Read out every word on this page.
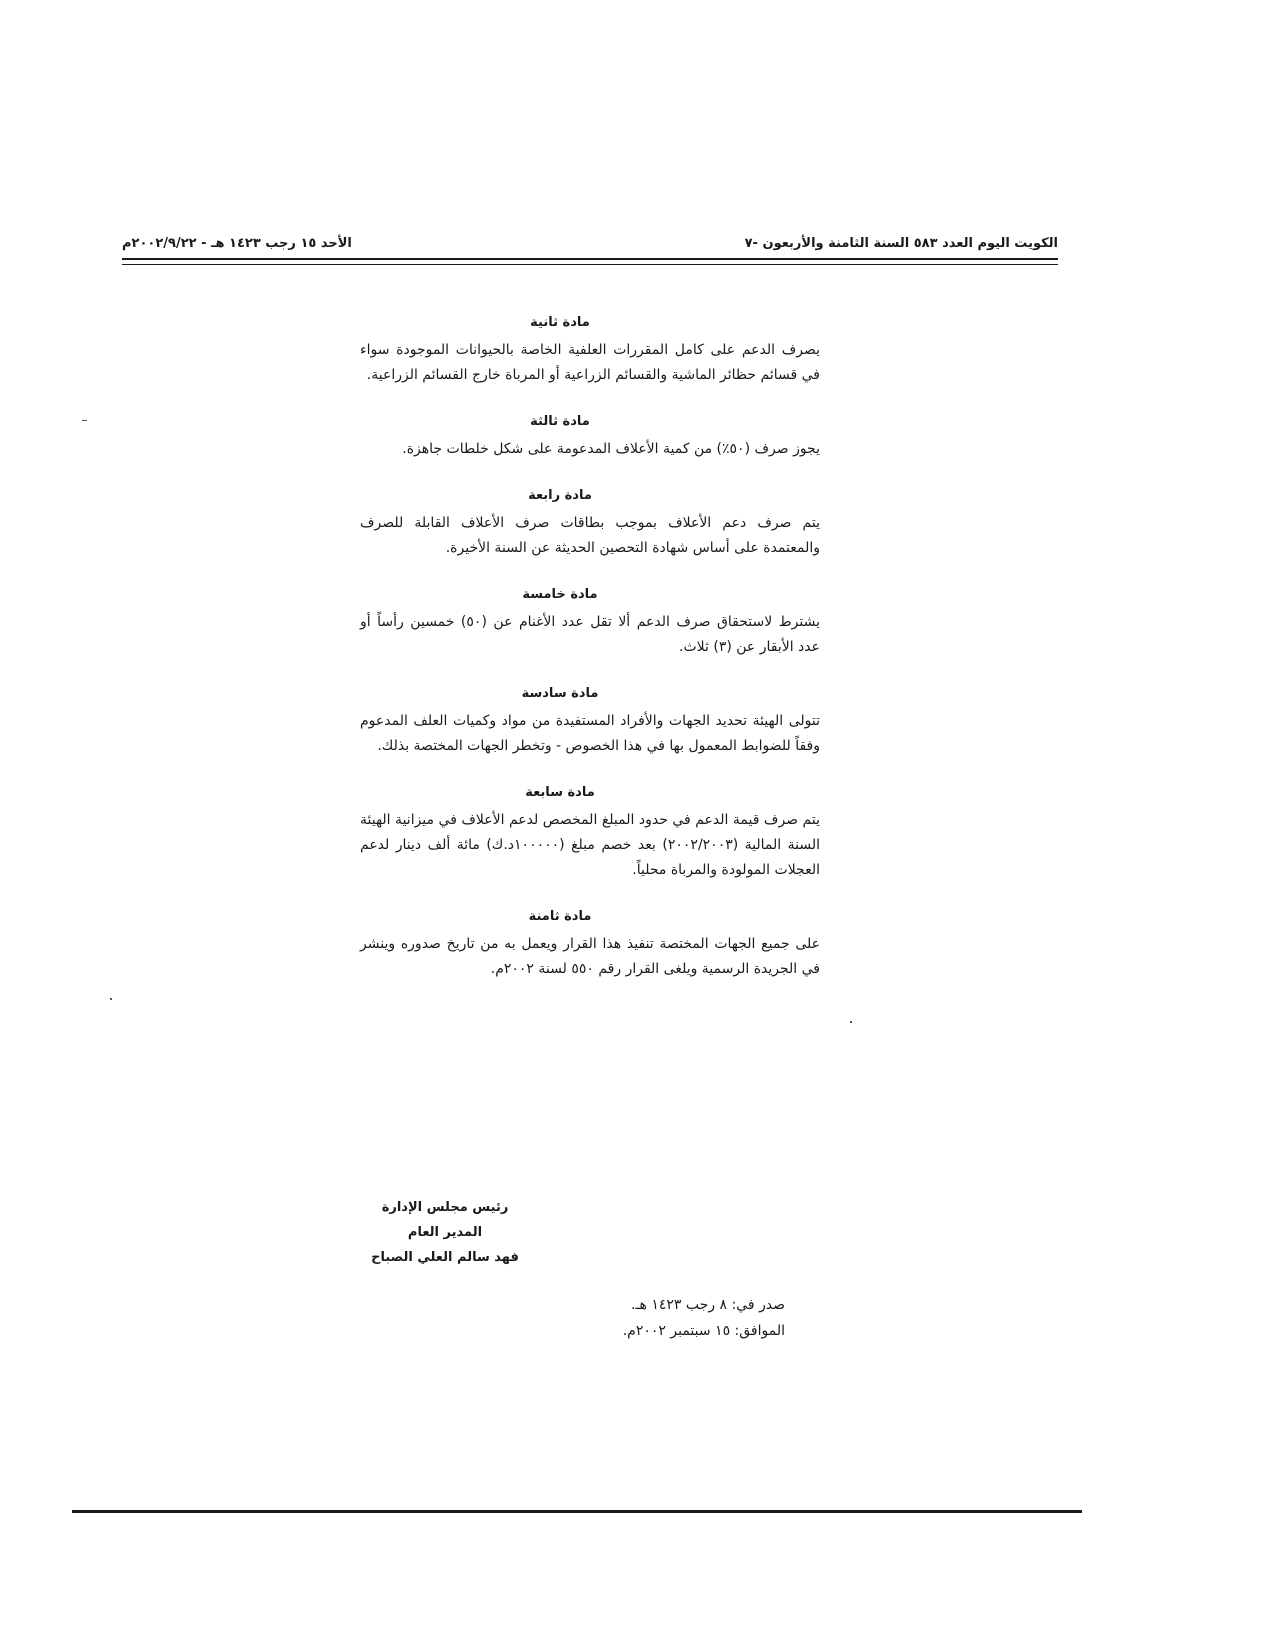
الأحد ١٥ رجب ١٤٢٣ هـ - ٢٠٠٢/٩/٢٢م	الكويت اليوم العدد ٥٨٣ السنة الثامنة والأربعون -٧

مادة ثانية

يصرف الدعم على كامل المقررات العلفية الخاصة بالحيوانات الموجودة سواء في قسائم حظائر الماشية والقسائم الزراعية أو المرباة خارج القسائم الزراعية.

مادة ثالثة

يجوز صرف (٥٠٪) من كمية الأعلاف المدعومة على شكل خلطات جاهزة.

مادة رابعة

يتم صرف دعم الأعلاف بموجب بطاقات صرف الأعلاف القابلة للصرف والمعتمدة على أساس شهادة التحصين الحديثة عن السنة الأخيرة.

مادة خامسة

يشترط لاستحقاق صرف الدعم ألا تقل عدد الأغنام عن (٥٠) خمسين رأساً أو عدد الأبقار عن (٣) ثلاث.

مادة سادسة

تتولى الهيئة تحديد الجهات والأفراد المستفيدة من مواد وكميات العلف المدعوم وفقاً للضوابط المعمول بها في هذا الخصوص - وتخطر الجهات المختصة بذلك.

مادة سابعة

يتم صرف قيمة الدعم في حدود المبلغ المخصص لدعم الأعلاف في ميزانية الهيئة السنة المالية (٢٠٠٢/٢٠٠٣) بعد خصم مبلغ (١٠٠٠٠٠د.ك) مائة ألف دينار لدعم العجلات المولودة والمرباة محلياً.

مادة ثامنة

على جميع الجهات المختصة تنفيذ هذا القرار ويعمل به من تاريخ صدوره وينشر في الجريدة الرسمية ويلغى القرار رقم ٥٥٠ لسنة ٢٠٠٢م.

رئيس مجلس الإدارة
المدير العام
فهد سالم العلي الصباح
صدر في: ٨ رجب ١٤٢٣ هـ.
الموافق: ١٥ سبتمبر ٢٠٠٢م.
